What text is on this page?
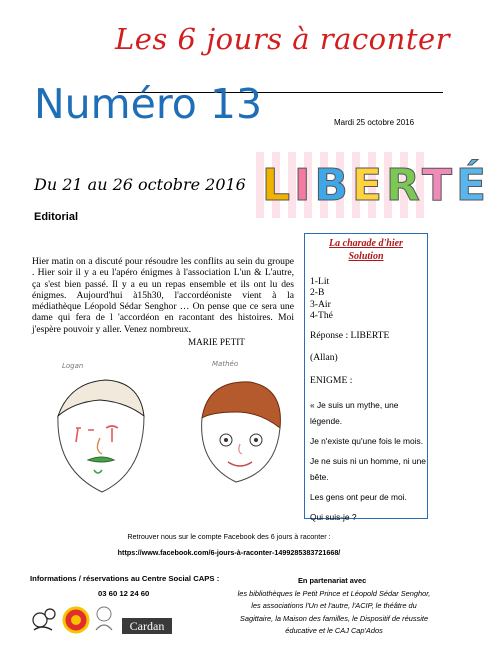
Les 6 jours à raconter
Numéro 13	Mardi 25 octobre 2016
Du 21 au 26 octobre 2016 LIBERTÉ
Editorial
Hier matin on a discuté pour résoudre les conflits au sein du groupe . Hier soir il y a eu l'apéro énigmes à l'association L'un & L'autre, ça s'est bien passé. Il y a eu un repas ensemble et ils ont lu des énigmes. Aujourd'hui à15h30, l'accordéoniste vient à la médiathèque Léopold Sédar Senghor … On pense que ce sera une dame qui fera de l 'accordéon en racontant des histoires. Moi j'espère pouvoir y aller. Venez nombreux.
MARIE PETIT
Logan	Mathéo
La charade d'hier
Solution
1-Lit
2-B
3-Air
4-Thé
Réponse : LIBERTE
(Allan)
ENIGME :

« Je suis un mythe, une légende.

Je n'existe qu'une fois le mois.

Je ne suis ni un homme, ni une bête.

Les gens ont peur de moi.

Qui suis-je ?

Retrouver nous sur le compte Facebook des 6 jours à raconter :
https://www.facebook.com/6-jours-à-raconter-1499285383721668/
Informations / réservations au Centre Social CAPS :
03 60 12 24 60
Cardan
En partenariat avec
les bibliothèques le Petit Prince et Léopold Sédar Senghor, les associations l'Un et l'autre, l'ACIP, le théâtre du Sagittaire, la Maison des familles, le Dispositif de réussite éducative et le CAJ Cap'Ados
